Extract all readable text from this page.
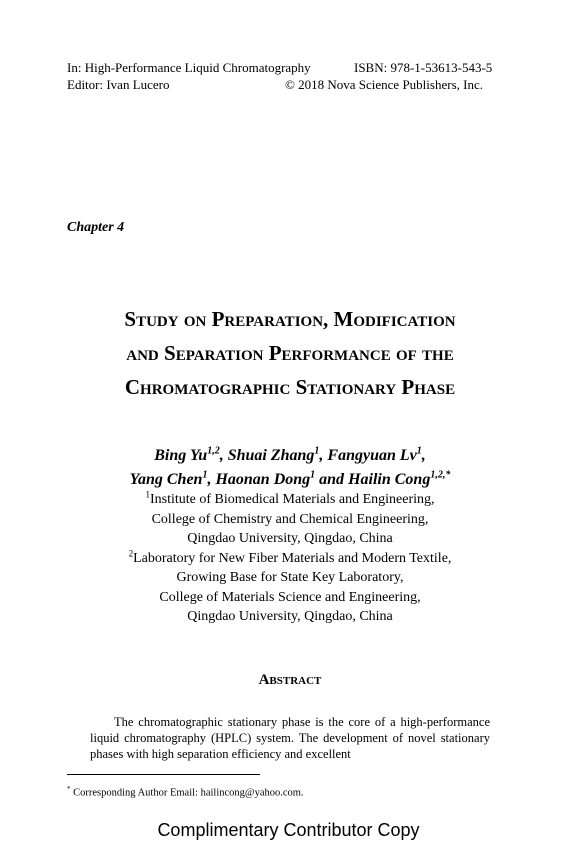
In: High-Performance Liquid Chromatography	ISBN: 978-1-53613-543-5
Editor: Ivan Lucero	© 2018 Nova Science Publishers, Inc.
Chapter 4
Study on Preparation, Modification
and Separation Performance of the
Chromatographic Stationary Phase
Bing Yu$^{1,2}$, Shuai Zhang$^1$, Fangyuan Lv$^1$,
Yang Chen$^1$, Haonan Dong$^1$ and Hailin Cong$^{1,2,*}$
$^1$Institute of Biomedical Materials and Engineering,
College of Chemistry and Chemical Engineering,
Qingdao University, Qingdao, China
$^2$Laboratory for New Fiber Materials and Modern Textile,
Growing Base for State Key Laboratory,
College of Materials Science and Engineering,
Qingdao University, Qingdao, China
Abstract
The chromatographic stationary phase is the core of a high-performance liquid chromatography (HPLC) system. The development of novel stationary phases with high separation efficiency and excellent
* Corresponding Author Email: hailincong@yahoo.com.
Complimentary Contributor Copy
